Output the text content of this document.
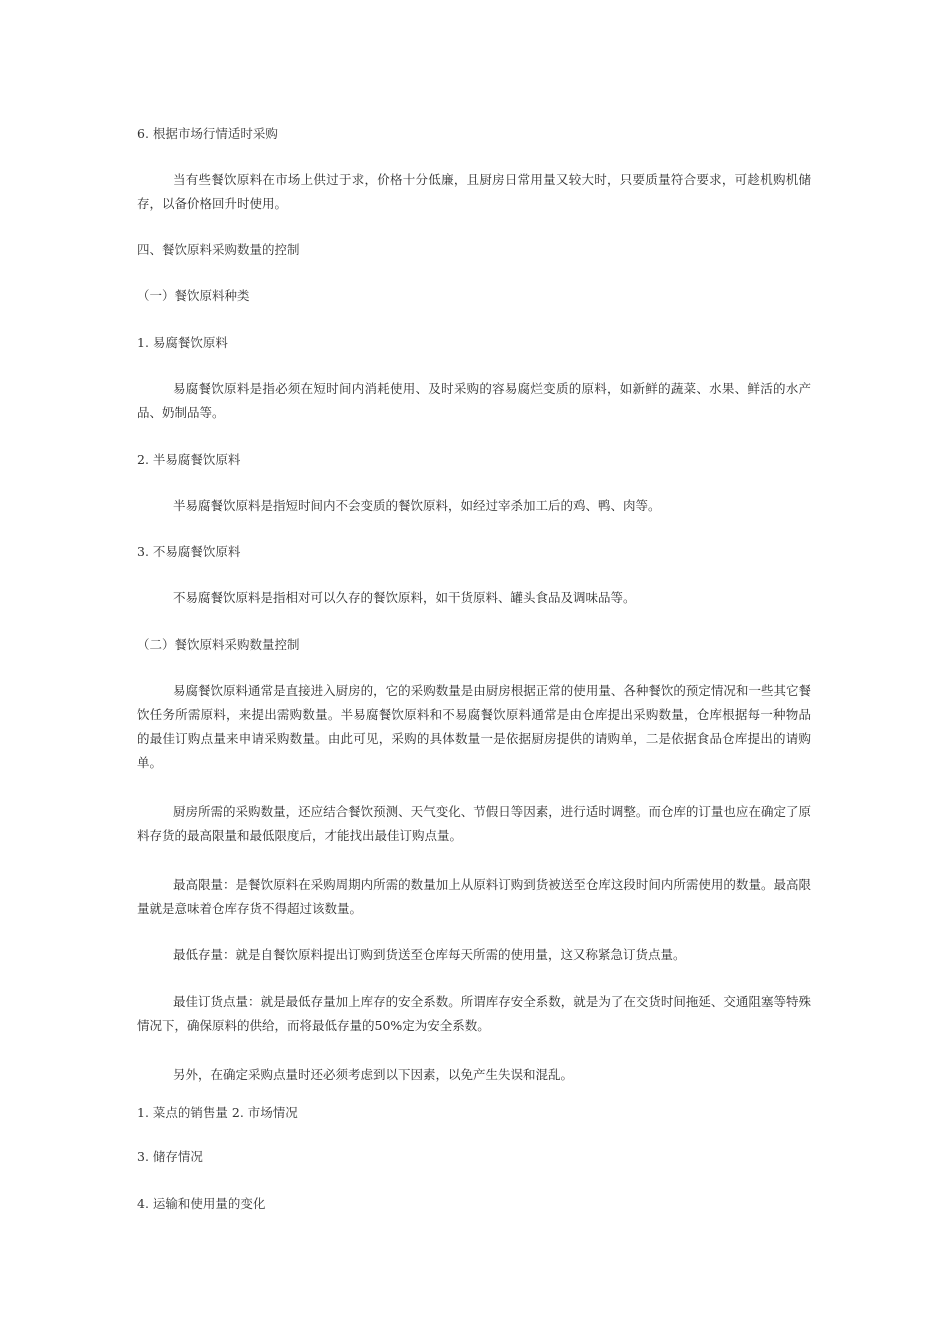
6. 根据市场行情适时采购

当有些餐饮原料在市场上供过于求，价格十分低廉，且厨房日常用量又较大时，只要质量符合要求，可趁机购机储存，以备价格回升时使用。

四、餐饮原料采购数量的控制

（一）餐饮原料种类

1. 易腐餐饮原料

易腐餐饮原料是指必须在短时间内消耗使用、及时采购的容易腐烂变质的原料，如新鲜的蔬菜、水果、鲜活的水产品、奶制品等。

2. 半易腐餐饮原料

半易腐餐饮原料是指短时间内不会变质的餐饮原料，如经过宰杀加工后的鸡、鸭、肉等。

3. 不易腐餐饮原料

不易腐餐饮原料是指相对可以久存的餐饮原料，如干货原料、罐头食品及调味品等。

（二）餐饮原料采购数量控制

易腐餐饮原料通常是直接进入厨房的，它的采购数量是由厨房根据正常的使用量、各种餐饮的预定情况和一些其它餐饮任务所需原料，来提出需购数量。半易腐餐饮原料和不易腐餐饮原料通常是由仓库提出采购数量，仓库根据每一种物品的最佳订购点量来申请采购数量。由此可见，采购的具体数量一是依据厨房提供的请购单，二是依据食品仓库提出的请购单。

厨房所需的采购数量，还应结合餐饮预测、天气变化、节假日等因素，进行适时调整。而仓库的订量也应在确定了原料存货的最高限量和最低限度后，才能找出最佳订购点量。

最高限量：是餐饮原料在采购周期内所需的数量加上从原料订购到货被送至仓库这段时间内所需使用的数量。最高限量就是意味着仓库存货不得超过该数量。

最低存量：就是自餐饮原料提出订购到货送至仓库每天所需的使用量，这又称紧急订货点量。

最佳订货点量：就是最低存量加上库存的安全系数。所谓库存安全系数，就是为了在交货时间拖延、交通阻塞等特殊情况下，确保原料的供给，而将最低存量的50%定为安全系数。

另外，在确定采购点量时还必须考虑到以下因素，以免产生失误和混乱。

1. 菜点的销售量 2. 市场情况

3. 储存情况

4. 运输和使用量的变化
